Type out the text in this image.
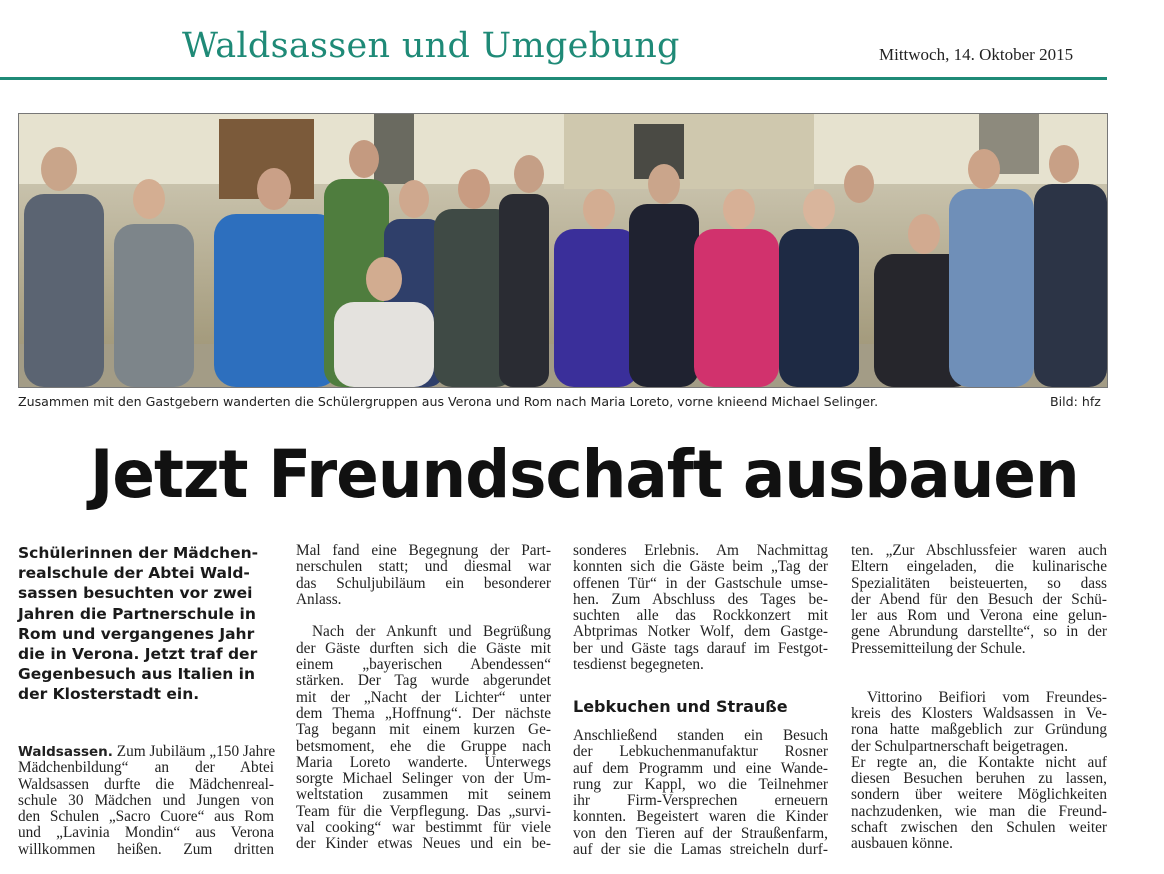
Waldsassen und Umgebung	Mittwoch, 14. Oktober 2015
Zusammen mit den Gastgebern wanderten die Schülergruppen aus Verona und Rom nach Maria Loreto, vorne knieend Michael Selinger.	Bild: hfz
Jetzt Freundschaft ausbauen
Schülerinnen der Mädchen-
realschule der Abtei Wald-
sassen besuchten vor zwei
Jahren die Partnerschule in
Rom und vergangenes Jahr
die in Verona. Jetzt traf der
Gegenbesuch aus Italien in
der Klosterstadt ein.
Waldsassen. Zum Jubiläum „150 Jahre
Mädchenbildung“ an der Abtei
Waldsassen durfte die Mädchenreal-
schule 30 Mädchen und Jungen von
den Schulen „Sacro Cuore“ aus Rom
und „Lavinia Mondin“ aus Verona
willkommen heißen. Zum dritten
Mal fand eine Begegnung der Part-
nerschulen statt; und diesmal war
das Schuljubiläum ein besonderer
Anlass.
Nach der Ankunft und Begrüßung
der Gäste durften sich die Gäste mit
einem „bayerischen Abendessen“
stärken. Der Tag wurde abgerundet
mit der „Nacht der Lichter“ unter
dem Thema „Hoffnung“. Der nächste
Tag begann mit einem kurzen Ge-
betsmoment, ehe die Gruppe nach
Maria Loreto wanderte. Unterwegs
sorgte Michael Selinger von der Um-
weltstation zusammen mit seinem
Team für die Verpflegung. Das „survi-
val cooking“ war bestimmt für viele
der Kinder etwas Neues und ein be-
sonderes Erlebnis. Am Nachmittag
konnten sich die Gäste beim „Tag der
offenen Tür“ in der Gastschule umse-
hen. Zum Abschluss des Tages be-
suchten alle das Rockkonzert mit
Abtprimas Notker Wolf, dem Gastge-
ber und Gäste tags darauf im Festgot-
tesdienst begegneten.
Lebkuchen und Strauße
Anschließend standen ein Besuch
der Lebkuchenmanufaktur Rosner
auf dem Programm und eine Wande-
rung zur Kappl, wo die Teilnehmer
ihr Firm-Versprechen erneuern
konnten. Begeistert waren die Kinder
von den Tieren auf der Straußenfarm,
auf der sie die Lamas streicheln durf-
ten. „Zur Abschlussfeier waren auch
Eltern eingeladen, die kulinarische
Spezialitäten beisteuerten, so dass
der Abend für den Besuch der Schü-
ler aus Rom und Verona eine gelun-
gene Abrundung darstellte“, so in der
Pressemitteilung der Schule.
Vittorino Beifiori vom Freundes-
kreis des Klosters Waldsassen in Ve-
rona hatte maßgeblich zur Gründung
der Schulpartnerschaft beigetragen.
Er regte an, die Kontakte nicht auf
diesen Besuchen beruhen zu lassen,
sondern über weitere Möglichkeiten
nachzudenken, wie man die Freund-
schaft zwischen den Schulen weiter
ausbauen könne.
